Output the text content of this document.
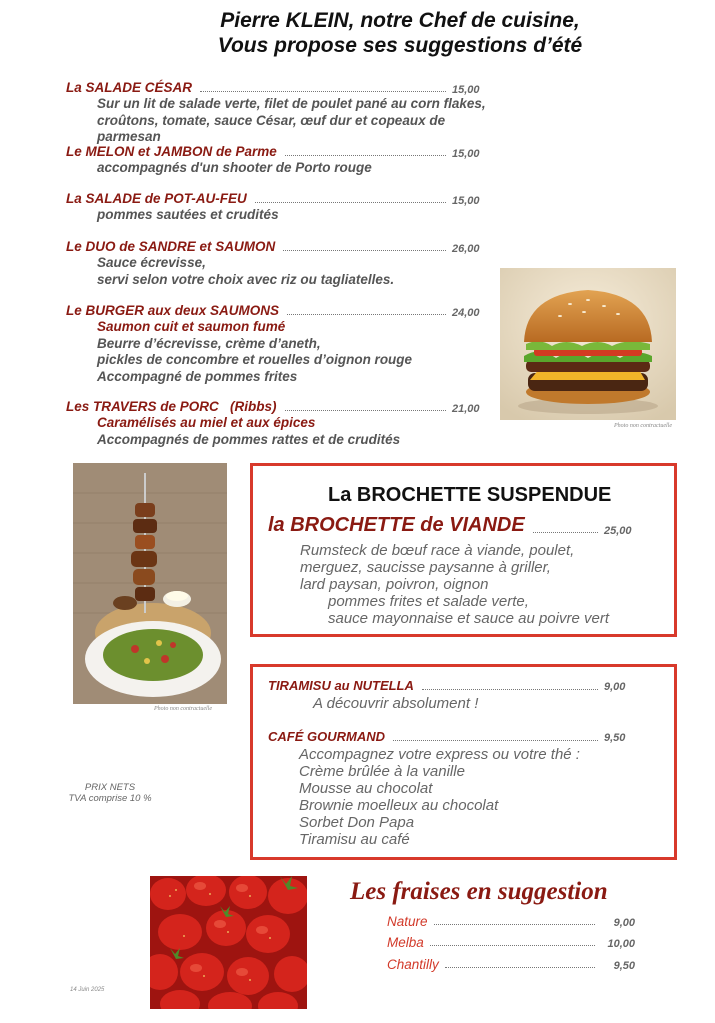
Pierre KLEIN, notre Chef de cuisine,
Vous propose ses suggestions d’été
La SALADE CÉSAR	15,00
Sur un lit de salade verte, filet de poulet pané au corn flakes,
croûtons, tomate, sauce César, œuf dur et copeaux de parmesan
Le MELON et JAMBON de Parme	15,00
accompagnés d'un shooter de Porto rouge
La SALADE de POT-AU-FEU	15,00
pommes sautées et crudités
Le DUO de SANDRE et SAUMON	26,00
Sauce écrevisse,
servi selon votre choix avec riz ou tagliatelles.
Le BURGER aux deux SAUMONS	24,00
Saumon cuit et saumon fumé
Beurre d’écrevisse, crème d’aneth,
pickles de concombre et rouelles d’oignon rouge
Accompagné de pommes frites
Les TRAVERS de PORC   (Ribbs)	21,00
Caramélisés au miel et aux épices
Accompagnés de pommes rattes et de crudités
Photo non contractuelle
Photo non contractuelle
La BROCHETTE SUSPENDUE
la BROCHETTE de VIANDE	25,00
Rumsteck de bœuf race à viande, poulet,
merguez, saucisse paysanne à griller,
lard paysan, poivron, oignon
pommes frites et salade verte,
sauce mayonnaise et sauce au poivre vert
TIRAMISU au NUTELLA	9,00
A découvrir absolument !
CAFÉ GOURMAND	9,50
Accompagnez votre express ou votre thé :
Crème brûlée à la vanille
Mousse au chocolat
Brownie moelleux au chocolat
Sorbet Don Papa
Tiramisu au café
PRIX NETS
TVA comprise 10 %
14 Juin 2025
Les fraises en suggestion
Nature	9,00
Melba	10,00
Chantilly	9,50
